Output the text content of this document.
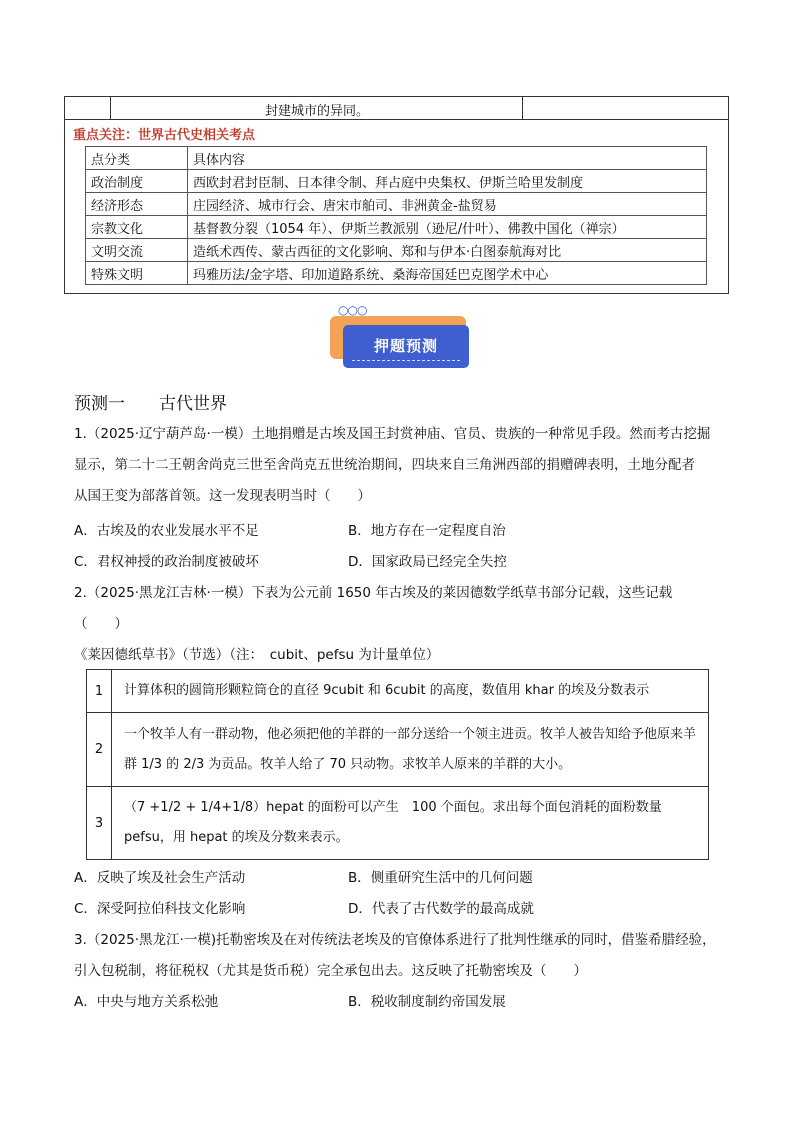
封建城市的异同。
重点关注：世界古代史相关考点
点分类	具体内容
政治制度	西欧封君封臣制、日本律令制、拜占庭中央集权、伊斯兰哈里发制度
经济形态	庄园经济、城市行会、唐宋市舶司、非洲黄金-盐贸易
宗教文化	基督教分裂（1054 年）、伊斯兰教派别（逊尼/什叶）、佛教中国化（禅宗）
文明交流	造纸术西传、蒙古西征的文化影响、郑和与伊本·白图泰航海对比
特殊文明	玛雅历法/金字塔、印加道路系统、桑海帝国廷巴克图学术中心
○○○
押题预测
预测一　　古代世界
1.（2025·辽宁葫芦岛·一模）土地捐赠是古埃及国王封赏神庙、官员、贵族的一种常见手段。然而考古挖掘
显示，第二十二王朝舍尚克三世至舍尚克五世统治期间，四块来自三角洲西部的捐赠碑表明，土地分配者
从国王变为部落首领。这一发现表明当时（　　）
A．古埃及的农业发展水平不足	B．地方存在一定程度自治
C．君权神授的政治制度被破坏	D．国家政局已经完全失控
2.（2025·黑龙江吉林·一模）下表为公元前 1650 年古埃及的莱因德数学纸草书部分记载，这些记载
（　　）
《莱因德纸草书》（节选）（注：　cubit、pefsu 为计量单位）
1	计算体积的圆筒形颗粒筒仓的直径 9cubit 和 6cubit 的高度，数值用 khar 的埃及分数表示
2	一个牧羊人有一群动物，他必须把他的羊群的一部分送给一个领主进贡。牧羊人被告知给予他原来羊群 1/3 的 2/3 为贡品。牧羊人给了 70 只动物。求牧羊人原来的羊群的大小。
3	（7 +1/2 + 1/4+1/8）hepat 的面粉可以产生　100 个面包。求出每个面包消耗的面粉数量 pefsu，用 hepat 的埃及分数来表示。
A．反映了埃及社会生产活动	B．侧重研究生活中的几何问题
C．深受阿拉伯科技文化影响	D．代表了古代数学的最高成就
3.（2025·黑龙江·一模)托勒密埃及在对传统法老埃及的官僚体系进行了批判性继承的同时，借鉴希腊经验，
引入包税制，将征税权（尤其是货币税）完全承包出去。这反映了托勒密埃及（　　）
A．中央与地方关系松弛	B．税收制度制约帝国发展
